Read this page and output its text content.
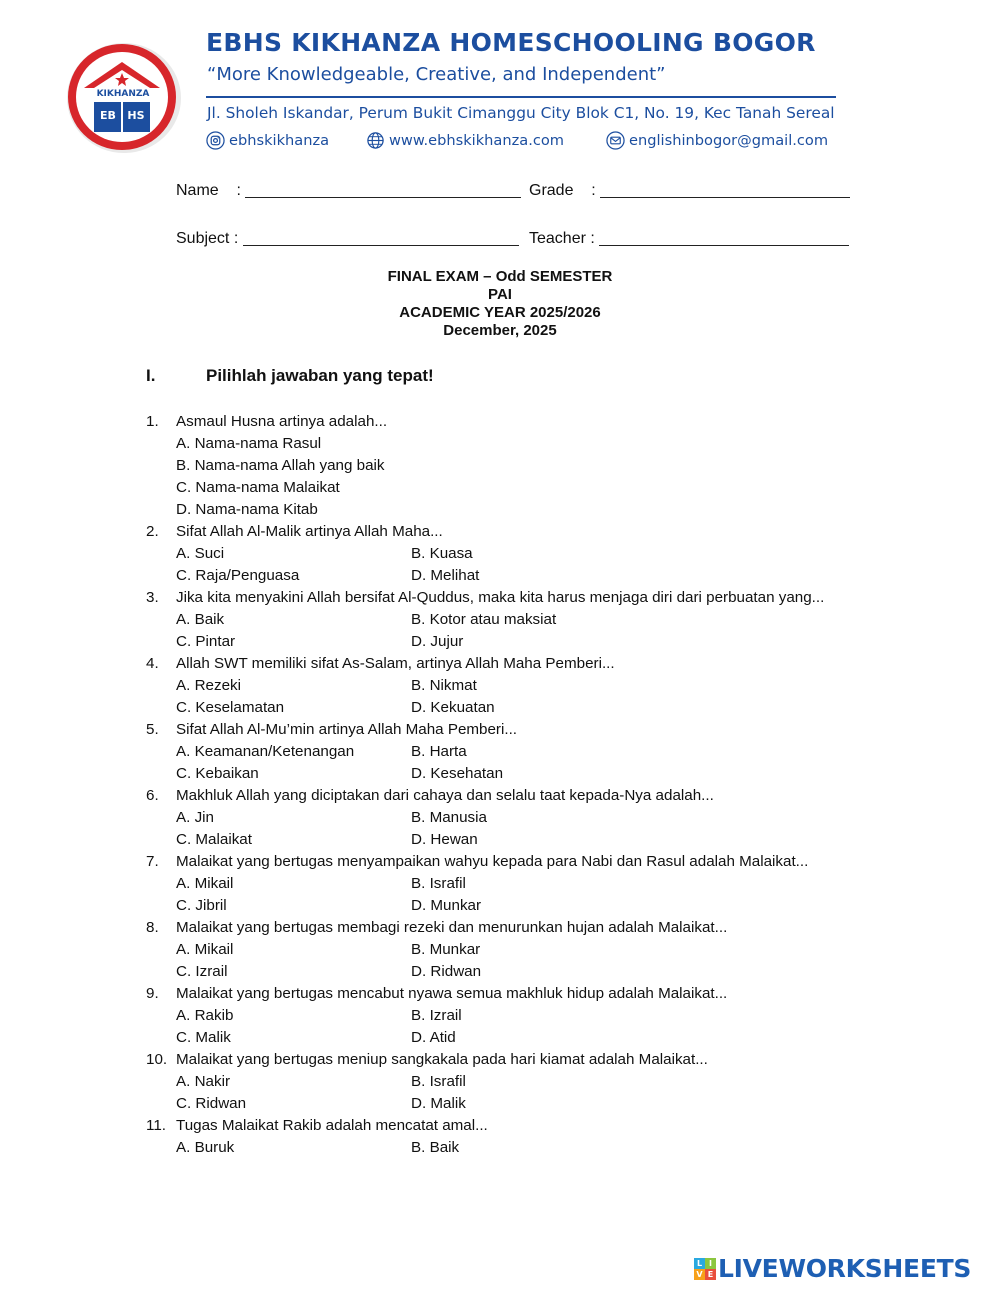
KIKHANZA
EB	HS
EBHS KIKHANZA HOMESCHOOLING BOGOR
“More Knowledgeable, Creative, and Independent”
Jl. Sholeh Iskandar, Perum Bukit Cimanggu City Blok C1, No. 19, Kec Tanah Sereal
ebhskikhanza	www.ebhskikhanza.com	englishinbogor@gmail.com
Name    :	Grade    :
Subject :	Teacher :
FINAL EXAM – Odd SEMESTER
PAI
ACADEMIC YEAR 2025/2026
December, 2025
I.	Pilihlah jawaban yang tepat!
1. Asmaul Husna artinya adalah...
A. Nama-nama Rasul
B. Nama-nama Allah yang baik
C. Nama-nama Malaikat
D. Nama-nama Kitab
2. Sifat Allah Al-Malik artinya Allah Maha...
A. Suci	B. Kuasa
C. Raja/Penguasa	D. Melihat
3. Jika kita menyakini Allah bersifat Al-Quddus, maka kita harus menjaga diri dari perbuatan yang...
A. Baik	B. Kotor atau maksiat
C. Pintar	D. Jujur
4. Allah SWT memiliki sifat As-Salam, artinya Allah Maha Pemberi...
A. Rezeki	B. Nikmat
C. Keselamatan	D. Kekuatan
5. Sifat Allah Al-Mu’min artinya Allah Maha Pemberi...
A. Keamanan/Ketenangan	B. Harta
C. Kebaikan	D. Kesehatan
6. Makhluk Allah yang diciptakan dari cahaya dan selalu taat kepada-Nya adalah...
A. Jin	B. Manusia
C. Malaikat	D. Hewan
7. Malaikat yang bertugas menyampaikan wahyu kepada para Nabi dan Rasul adalah Malaikat...
A. Mikail	B. Israfil
C. Jibril	D. Munkar
8. Malaikat yang bertugas membagi rezeki dan menurunkan hujan adalah Malaikat...
A. Mikail	B. Munkar
C. Izrail	D. Ridwan
9. Malaikat yang bertugas mencabut nyawa semua makhluk hidup adalah Malaikat...
A. Rakib	B. Izrail
C. Malik	D. Atid
10. Malaikat yang bertugas meniup sangkakala pada hari kiamat adalah Malaikat...
A. Nakir	B. Israfil
C. Ridwan	D. Malik
11. Tugas Malaikat Rakib adalah mencatat amal...
A. Buruk	B. Baik
L I
V E LIVEWORKSHEETS
